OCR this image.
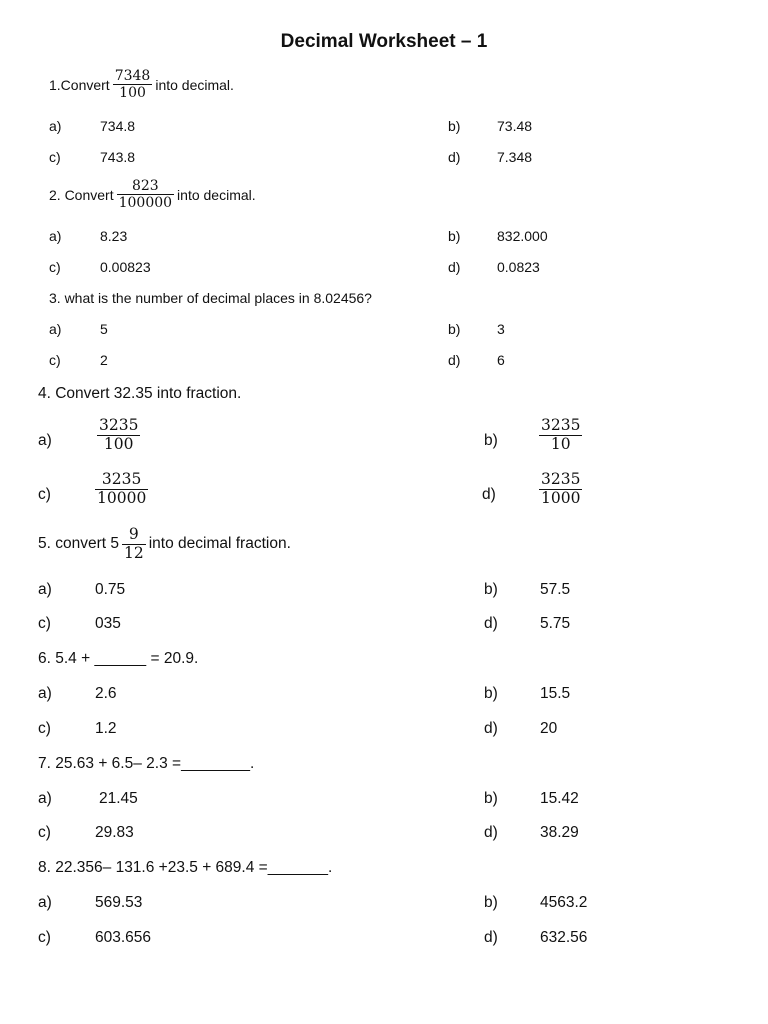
Decimal Worksheet – 1
1.Convert $\frac{7348}{100}$ into decimal.
a)	734.8	b)	73.48
c)	743.8	d)	7.348
2. Convert $\frac{823}{100000}$ into decimal.
a)	8.23	b)	832.000
c)	0.00823	d)	0.0823
3. what is the number of decimal places in 8.02456?
a)	5	b)	3
c)	2	d)	6
4. Convert 32.35 into fraction.
a)
3235
100	b)
3235
10
c)
3235
10000	d)
3235
1000
5. convert $5 \frac{9}{12}$ into decimal fraction.
a)	0.75	b)	57.5
c)	035	d)	5.75
6. 5.4 + ______ = 20.9.
a)	2.6	b)	15.5
c)	1.2	d)	20
7. 25.63 + 6.5– 2.3 =________.
a)	21.45	b)	15.42
c)	29.83	d)	38.29
8. 22.356– 131.6 +23.5 + 689.4 =_______.
a)	569.53	b)	4563.2
c)	603.656	d)	632.56
